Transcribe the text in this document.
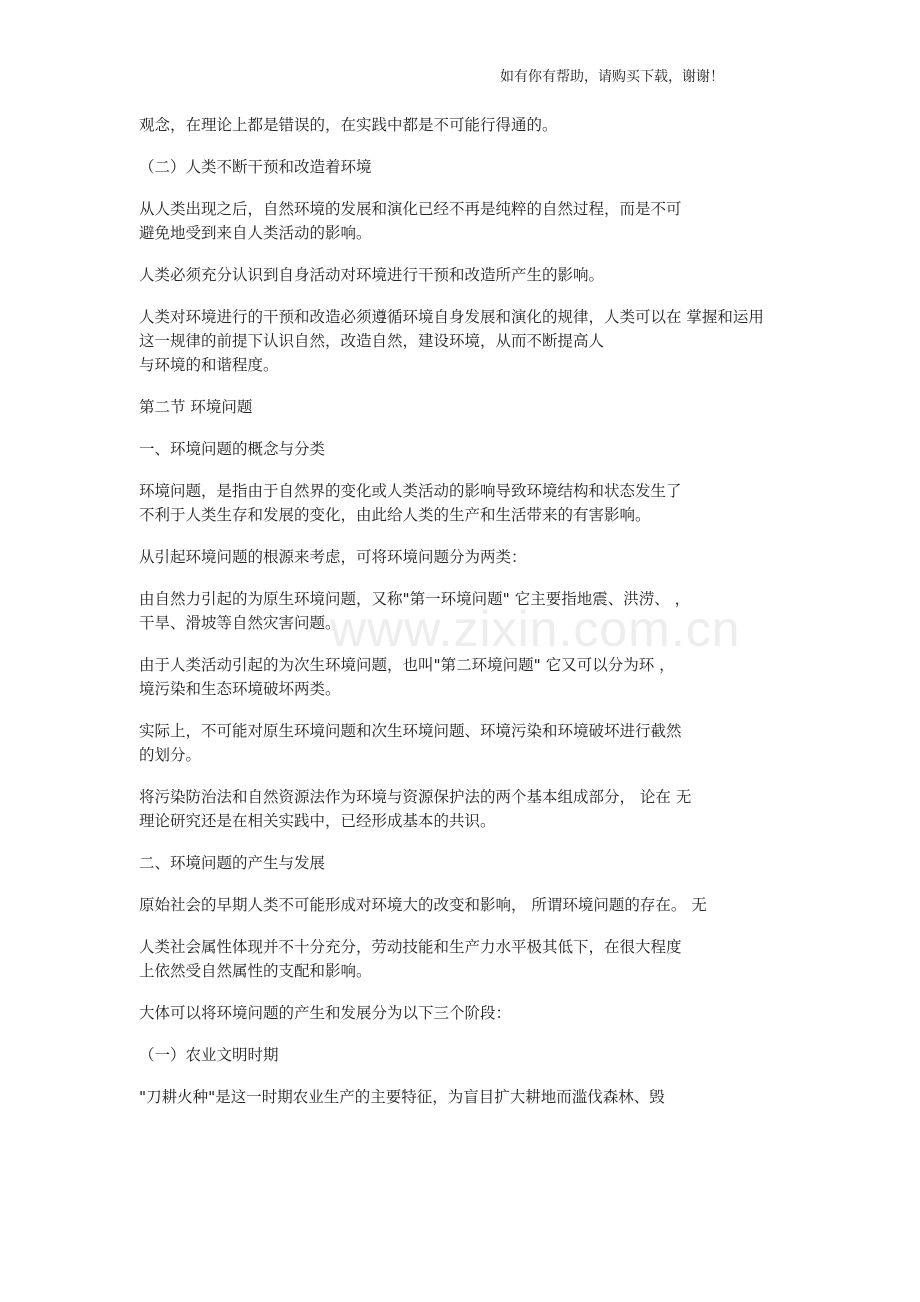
如有你有帮助，请购买下载，谢谢！
www.zixin.com.cn
观念，在理论上都是错误的，在实践中都是不可能行得通的。
（二）人类不断干预和改造着环境
从人类出现之后，自然环境的发展和演化已经不再是纯粹的自然过程，而是不可
避免地受到来自人类活动的影响。
人类必须充分认识到自身活动对环境进行干预和改造所产生的影响。
人类对环境进行的干预和改造必须遵循环境自身发展和演化的规律，人类可以在 掌握和运用
这一规律的前提下认识自然，改造自然，建设环境，从而不断提高人
与环境的和谐程度。
第二节 环境问题
一、环境问题的概念与分类
环境问题，是指由于自然界的变化或人类活动的影响导致环境结构和状态发生了
不利于人类生存和发展的变化，由此给人类的生产和生活带来的有害影响。
从引起环境问题的根源来考虑，可将环境问题分为两类：
由自然力引起的为原生环境问题，又称"第一环境问题" 它主要指地震、洪涝、 ，
干旱、滑坡等自然灾害问题。
由于人类活动引起的为次生环境问题，也叫"第二环境问题" 它又可以分为环 ，
境污染和生态环境破坏两类。
实际上，不可能对原生环境问题和次生环境问题、环境污染和环境破坏进行截然
的划分。
将污染防治法和自然资源法作为环境与资源保护法的两个基本组成部分， 论在 无
理论研究还是在相关实践中，已经形成基本的共识。
二、环境问题的产生与发展
原始社会的早期人类不可能形成对环境大的改变和影响， 所谓环境问题的存在。 无
人类社会属性体现并不十分充分，劳动技能和生产力水平极其低下，在很大程度
上依然受自然属性的支配和影响。
大体可以将环境问题的产生和发展分为以下三个阶段：
（一）农业文明时期
"刀耕火种"是这一时期农业生产的主要特征，为盲目扩大耕地而滥伐森林、毁
